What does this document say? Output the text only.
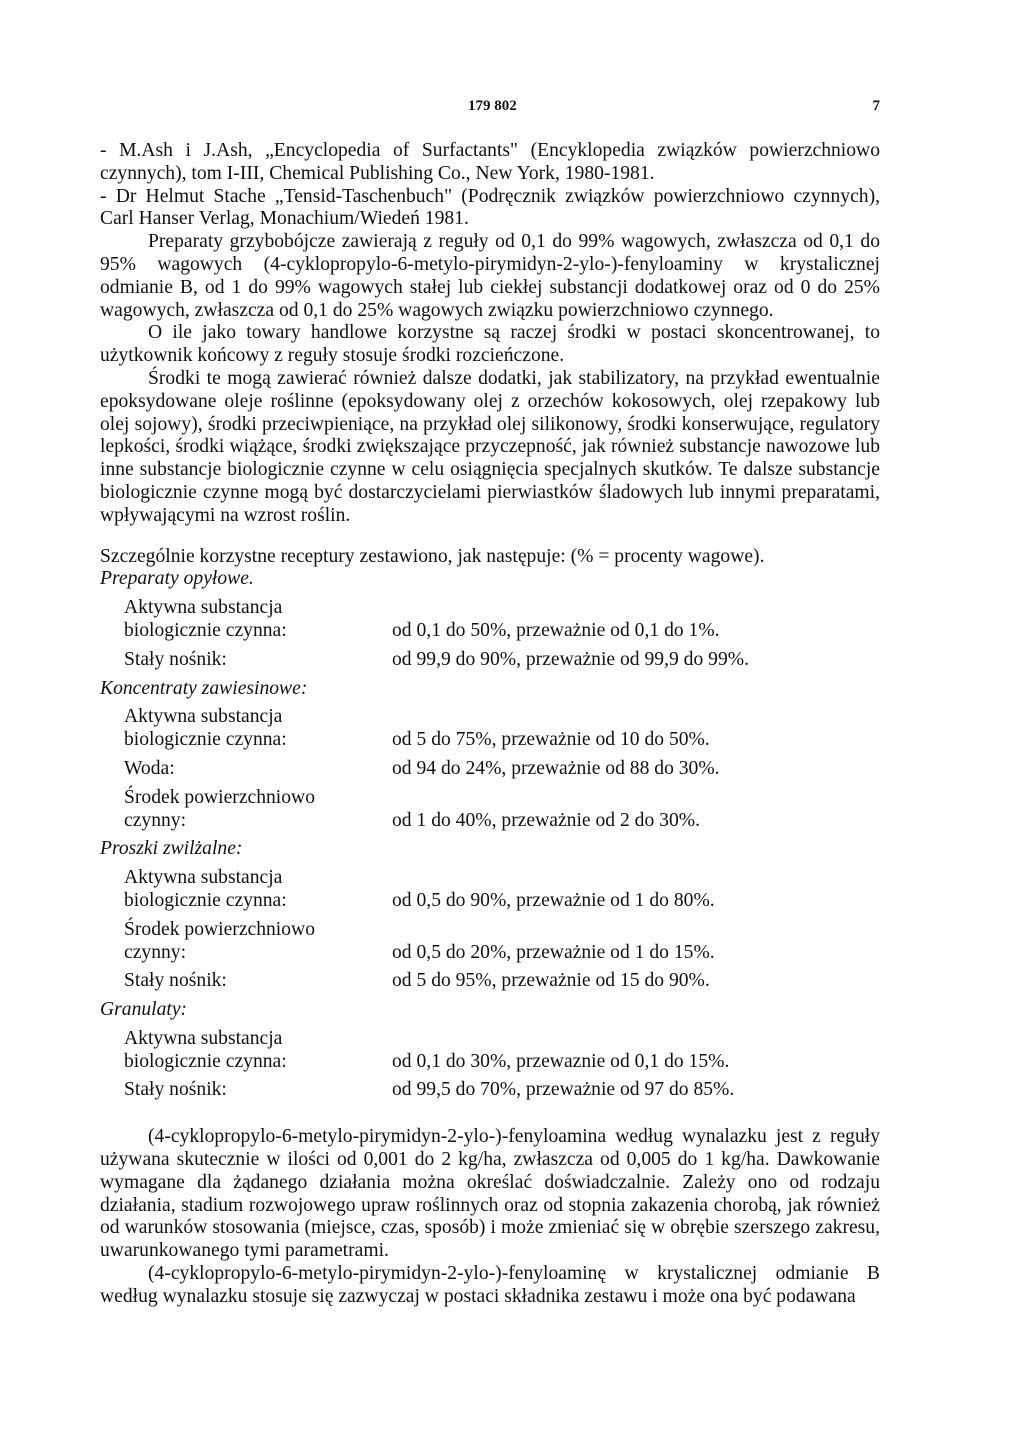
179 802	7

- M.Ash i J.Ash, „Encyclopedia of Surfactants" (Encyklopedia związków powierzchniowo czynnych), tom I-III, Chemical Publishing Co., New York, 1980-1981.

- Dr Helmut Stache „Tensid-Taschenbuch" (Podręcznik związków powierzchniowo czynnych), Carl Hanser Verlag, Monachium/Wiedeń 1981.

Preparaty grzybobójcze zawierają z reguły od 0,1 do 99% wagowych, zwłaszcza od 0,1 do 95% wagowych (4-cyklopropylo-6-metylo-pirymidyn-2-ylo-)-fenyloaminy w krystalicznej odmianie B, od 1 do 99% wagowych stałej lub ciekłej substancji dodatkowej oraz od 0 do 25% wagowych, zwłaszcza od 0,1 do 25% wagowych związku powierzchniowo czynnego.

O ile jako towary handlowe korzystne są raczej środki w postaci skoncentrowanej, to użytkownik końcowy z reguły stosuje środki rozcieńczone.

Środki te mogą zawierać również dalsze dodatki, jak stabilizatory, na przykład ewentualnie epoksydowane oleje roślinne (epoksydowany olej z orzechów kokosowych, olej rzepakowy lub olej sojowy), środki przeciwpieniące, na przykład olej silikonowy, środki konserwujące, regulatory lepkości, środki wiążące, środki zwiększające przyczepność, jak również substancje nawozowe lub inne substancje biologicznie czynne w celu osiągnięcia specjalnych skutków. Te dalsze substancje biologicznie czynne mogą być dostarczycielami pierwiastków śladowych lub innymi preparatami, wpływającymi na wzrost roślin.

Szczególnie korzystne receptury zestawiono, jak następuje: (% = procenty wagowe).

Preparaty opyłowe.
Aktywna substancja
biologicznie czynna:	od 0,1 do 50%, przeważnie od 0,1 do 1%.
Stały nośnik:	od 99,9 do 90%, przeważnie od 99,9 do 99%.
Koncentraty zawiesinowe:
Aktywna substancja
biologicznie czynna:	od 5 do 75%, przeważnie od 10 do 50%.
Woda:	od 94 do 24%, przeważnie od 88 do 30%.
Środek powierzchniowo
czynny:	od 1 do 40%, przeważnie od 2 do 30%.
Proszki zwilżalne:
Aktywna substancja
biologicznie czynna:	od 0,5 do 90%, przeważnie od 1 do 80%.
Środek powierzchniowo
czynny:	od 0,5 do 20%, przeważnie od 1 do 15%.
Stały nośnik:	od 5 do 95%, przeważnie od 15 do 90%.
Granulaty:
Aktywna substancja
biologicznie czynna:	od 0,1 do 30%, przewaznie od 0,1 do 15%.
Stały nośnik:	od 99,5 do 70%, przeważnie od 97 do 85%.

(4-cyklopropylo-6-metylo-pirymidyn-2-ylo-)-fenyloamina według wynalazku jest z reguły używana skutecznie w ilości od 0,001 do 2 kg/ha, zwłaszcza od 0,005 do 1 kg/ha. Dawkowanie wymagane dla żądanego działania można określać doświadczalnie. Zależy ono od rodzaju działania, stadium rozwojowego upraw roślinnych oraz od stopnia zakazenia chorobą, jak również od warunków stosowania (miejsce, czas, sposób) i może zmieniać się w obrębie szerszego zakresu, uwarunkowanego tymi parametrami.

(4-cyklopropylo-6-metylo-pirymidyn-2-ylo-)-fenyloaminę w krystalicznej odmianie B według wynalazku stosuje się zazwyczaj w postaci składnika zestawu i może ona być podawana
